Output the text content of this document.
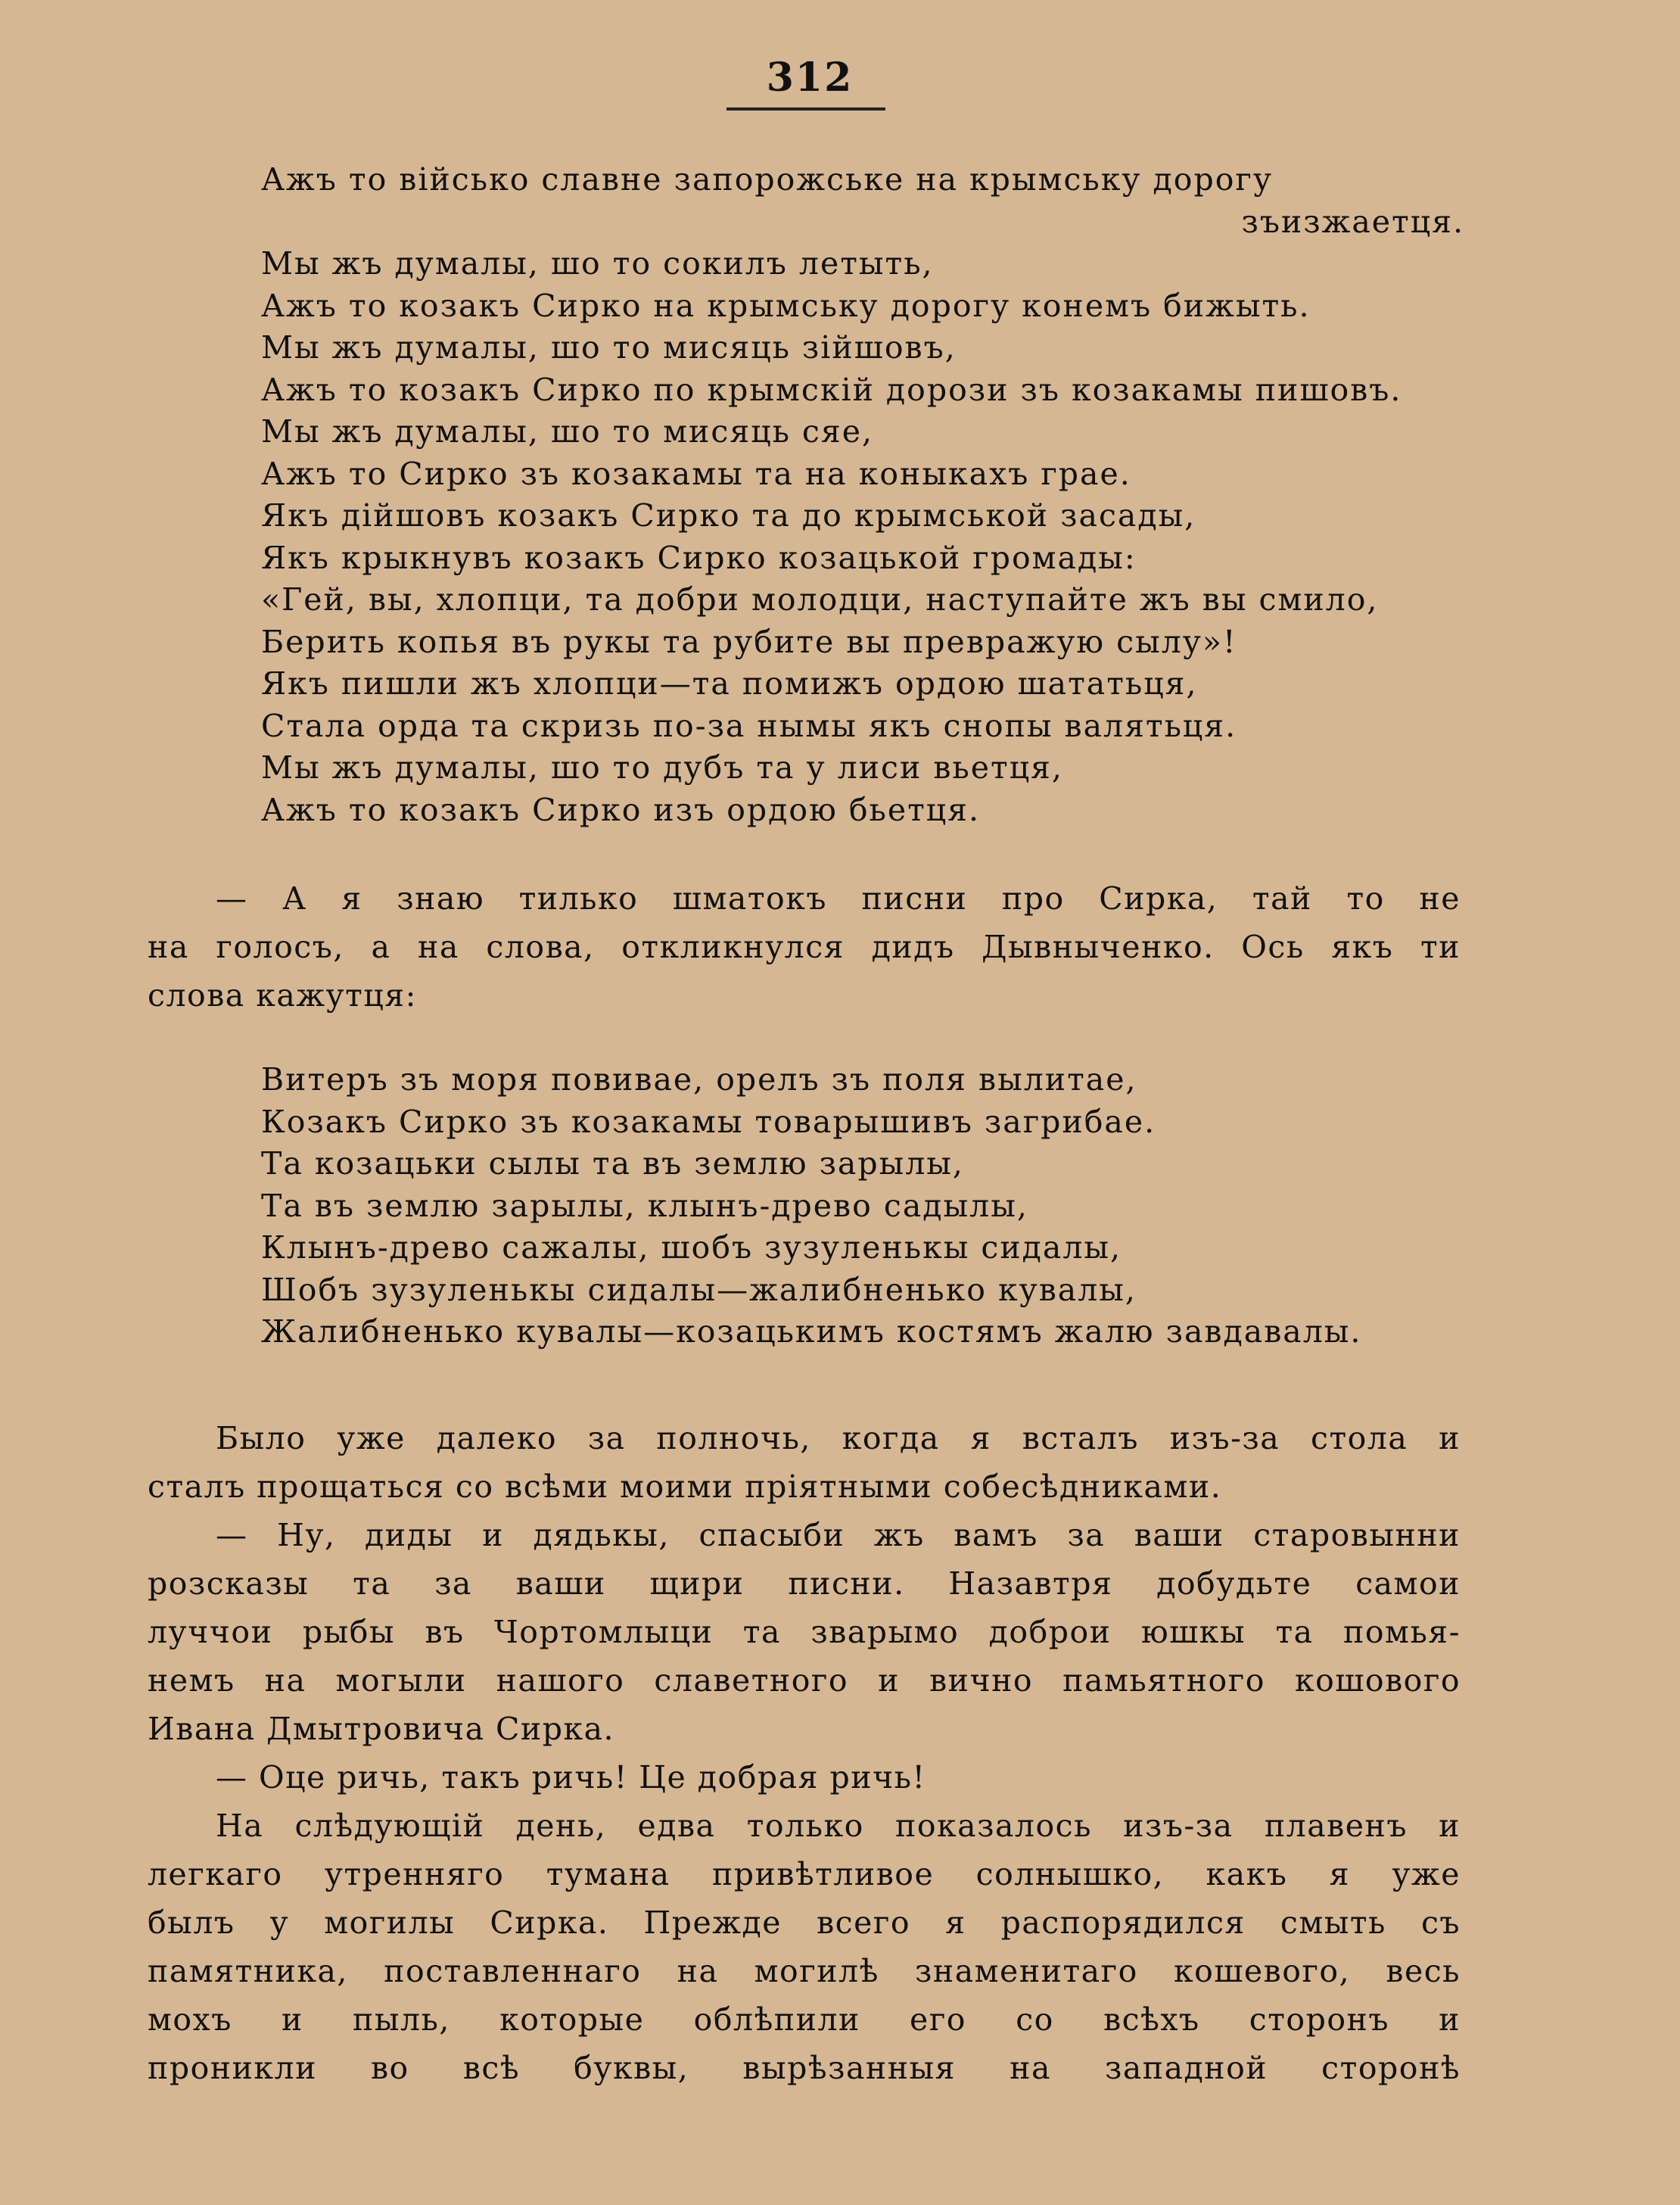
312
Ажъ то військо славне запорожське на крымську дорогу
зъизжаетця.
Мы жъ думалы, шо то сокилъ летыть,
Ажъ то козакъ Сирко на крымську дорогу конемъ бижыть.
Мы жъ думалы, шо то мисяць зійшовъ,
Ажъ то козакъ Сирко по крымскій дорози зъ козакамы пишовъ.
Мы жъ думалы, шо то мисяць сяе,
Ажъ то Сирко зъ козакамы та на коныкахъ грае.
Якъ дійшовъ козакъ Сирко та до крымськой засады,
Якъ крыкнувъ козакъ Сирко козацькой громады:
«Гей, вы, хлопци, та добри молодци, наступайте жъ вы смило,
Берить копья въ рукы та рубите вы превражую сылу»!
Якъ пишли жъ хлопци—та помижъ ордою шататьця,
Стала орда та скризь по-за нымы якъ снопы валятьця.
Мы жъ думалы, шо то дубъ та у лиси вьетця,
Ажъ то козакъ Сирко изъ ордою бьетця.
— А я знаю тилько шматокъ писни про Сирка, тай то не
на голосъ, а на слова, откликнулся дидъ Дывныченко. Ось якъ ти
слова кажутця:
Витеръ зъ моря повивае, орелъ зъ поля вылитае,
Козакъ Сирко зъ козакамы товарышивъ загрибае.
Та козацьки сылы та въ землю зарылы,
Та въ землю зарылы, клынъ-древо садылы,
Клынъ-древо сажалы, шобъ зузуленькы сидалы,
Шобъ зузуленькы сидалы—жалибненько кувалы,
Жалибненько кувалы—козацькимъ костямъ жалю завдавалы.
Было уже далеко за полночь, когда я всталъ изъ-за стола и
сталъ прощаться со всѣми моими пріятными собесѣдниками.
— Ну, диды и дядькы, спасыби жъ вамъ за ваши старовынни
розсказы та за ваши щири писни. Назавтря добудьте самои
луччои рыбы въ Чортомлыци та зварымо доброи юшкы та помья-
немъ на могыли нашого славетного и вично памьятного кошового
Ивана Дмытровича Сирка.
— Оце ричь, такъ ричь! Це добрая ричь!
На слѣдующій день, едва только показалось изъ-за плавенъ и
легкаго утренняго тумана привѣтливое солнышко, какъ я уже
былъ у могилы Сирка. Прежде всего я распорядился смыть съ
памятника, поставленнаго на могилѣ знаменитаго кошевого, весь
мохъ и пыль, которые облѣпили его со всѣхъ сторонъ и
проникли во всѣ буквы, вырѣзанныя на западной сторонѣ
